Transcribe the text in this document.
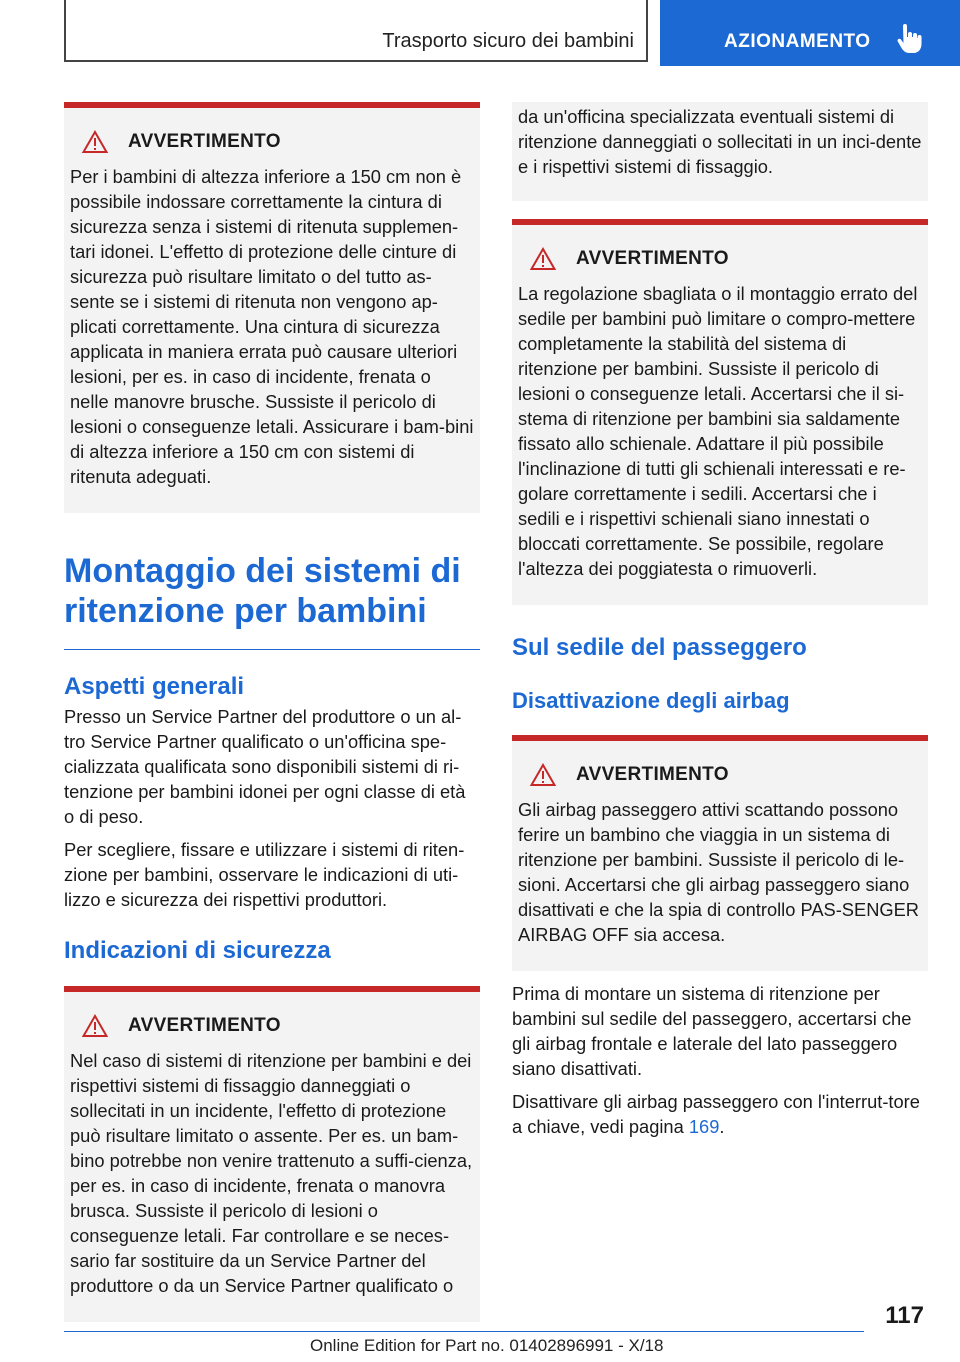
Trasporto sicuro dei bambini	AZIONAMENTO
AVVERTIMENTO

Per i bambini di altezza inferiore a 150 cm non è possibile indossare correttamente la cintura di sicurezza senza i sistemi di ritenuta supplemen-tari idonei. L'effetto di protezione delle cinture di sicurezza può risultare limitato o del tutto as-sente se i sistemi di ritenuta non vengono ap-plicati correttamente. Una cintura di sicurezza applicata in maniera errata può causare ulteriori lesioni, per es. in caso di incidente, frenata o nelle manovre brusche. Sussiste il pericolo di lesioni o conseguenze letali. Assicurare i bam-bini di altezza inferiore a 150 cm con sistemi di ritenuta adeguati.

Montaggio dei sistemi di ritenzione per bambini
Aspetti generali

Presso un Service Partner del produttore o un al-tro Service Partner qualificato o un'officina spe-cializzata qualificata sono disponibili sistemi di ri-tenzione per bambini idonei per ogni classe di età o di peso.

Per scegliere, fissare e utilizzare i sistemi di riten-zione per bambini, osservare le indicazioni di uti-lizzo e sicurezza dei rispettivi produttori.

Indicazioni di sicurezza
AVVERTIMENTO

Nel caso di sistemi di ritenzione per bambini e dei rispettivi sistemi di fissaggio danneggiati o sollecitati in un incidente, l'effetto di protezione può risultare limitato o assente. Per es. un bam-bino potrebbe non venire trattenuto a suffi-cienza, per es. in caso di incidente, frenata o manovra brusca. Sussiste il pericolo di lesioni o conseguenze letali. Far controllare e se neces-sario far sostituire da un Service Partner del produttore o da un Service Partner qualificato o

da un'officina specializzata eventuali sistemi di ritenzione danneggiati o sollecitati in un inci-dente e i rispettivi sistemi di fissaggio.

AVVERTIMENTO

La regolazione sbagliata o il montaggio errato del sedile per bambini può limitare o compro-mettere completamente la stabilità del sistema di ritenzione per bambini. Sussiste il pericolo di lesioni o conseguenze letali. Accertarsi che il si-stema di ritenzione per bambini sia saldamente fissato allo schienale. Adattare il più possibile l'inclinazione di tutti gli schienali interessati e re-golare correttamente i sedili. Accertarsi che i sedili e i rispettivi schienali siano innestati o bloccati correttamente. Se possibile, regolare l'altezza dei poggiatesta o rimuoverli.

Sul sedile del passeggero
Disattivazione degli airbag
AVVERTIMENTO

Gli airbag passeggero attivi scattando possono ferire un bambino che viaggia in un sistema di ritenzione per bambini. Sussiste il pericolo di le-sioni. Accertarsi che gli airbag passeggero siano disattivati e che la spia di controllo PAS-SENGER AIRBAG OFF sia accesa.

Prima di montare un sistema di ritenzione per bambini sul sedile del passeggero, accertarsi che gli airbag frontale e laterale del lato passeggero siano disattivati.

Disattivare gli airbag passeggero con l'interrut-tore a chiave, vedi pagina 169.

117
Online Edition for Part no. 01402896991 - X/18
